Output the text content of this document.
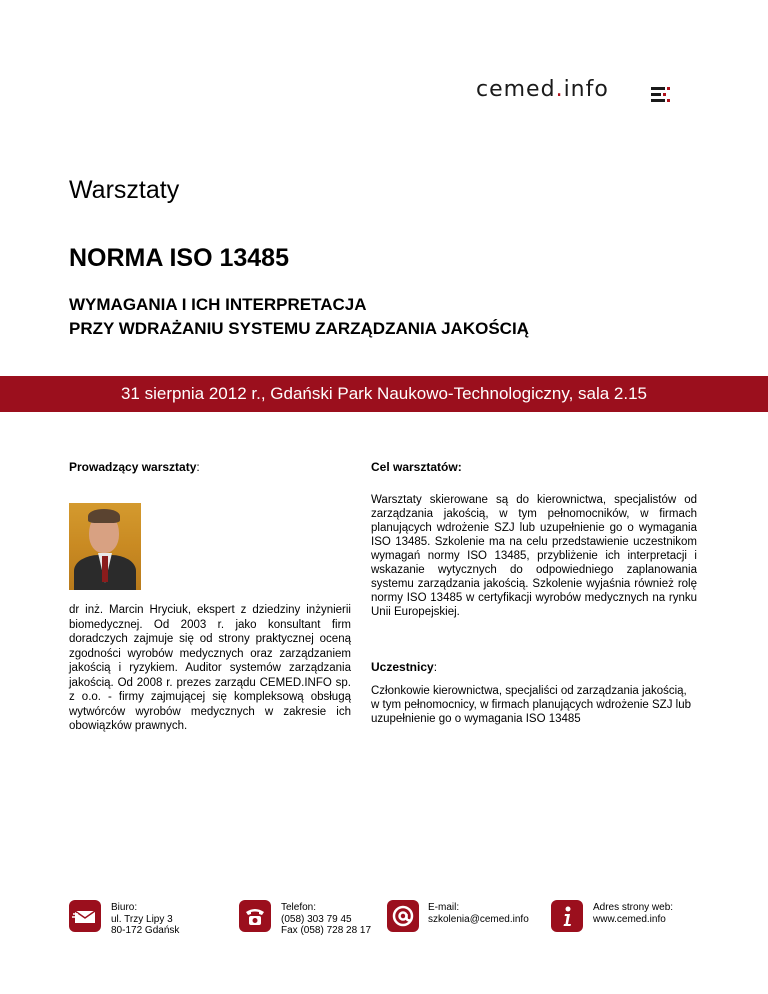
cemed.info
Warsztaty
NORMA ISO 13485
WYMAGANIA I ICH INTERPRETACJA
PRZY WDRAŻANIU SYSTEMU ZARZĄDZANIA JAKOŚCIĄ
31 sierpnia 2012 r., Gdański Park Naukowo-Technologiczny, sala 2.15

Prowadzący warsztaty:

dr inż. Marcin Hryciuk, ekspert z dziedziny inżynierii biomedycznej. Od 2003 r. jako konsultant firm doradczych zajmuje się od strony praktycznej oceną zgodności wyrobów medycznych oraz zarządzaniem jakością i ryzykiem. Auditor systemów zarządzania jakością. Od 2008 r. prezes zarządu CEMED.INFO sp. z o.o. - firmy zajmującej się kompleksową obsługą wytwórców wyrobów medycznych w zakresie ich obowiązków prawnych.

Cel warsztatów:

Warsztaty skierowane są do kierownictwa, specjalistów od zarządzania jakością, w tym pełnomocników, w firmach planujących wdrożenie SZJ lub uzupełnienie go o wymagania ISO 13485. Szkolenie ma na celu przedstawienie uczestnikom wymagań normy ISO 13485, przybliżenie ich interpretacji i wskazanie wytycznych do odpowiedniego zaplanowania systemu zarządzania jakością. Szkolenie wyjaśnia również rolę normy ISO 13485 w certyfikacji wyrobów medycznych na rynku Unii Europejskiej.

Uczestnicy:

Członkowie kierownictwa, specjaliści od zarządzania jakością, w tym pełnomocnicy, w firmach planujących wdrożenie SZJ lub uzupełnienie go o wymagania ISO 13485
Biuro:
ul. Trzy Lipy 3
80-172 Gdańsk
Telefon:
(058) 303 79 45
Fax (058) 728 28 17
E-mail:
szkolenia@cemed.info
Adres strony web:
www.cemed.info
